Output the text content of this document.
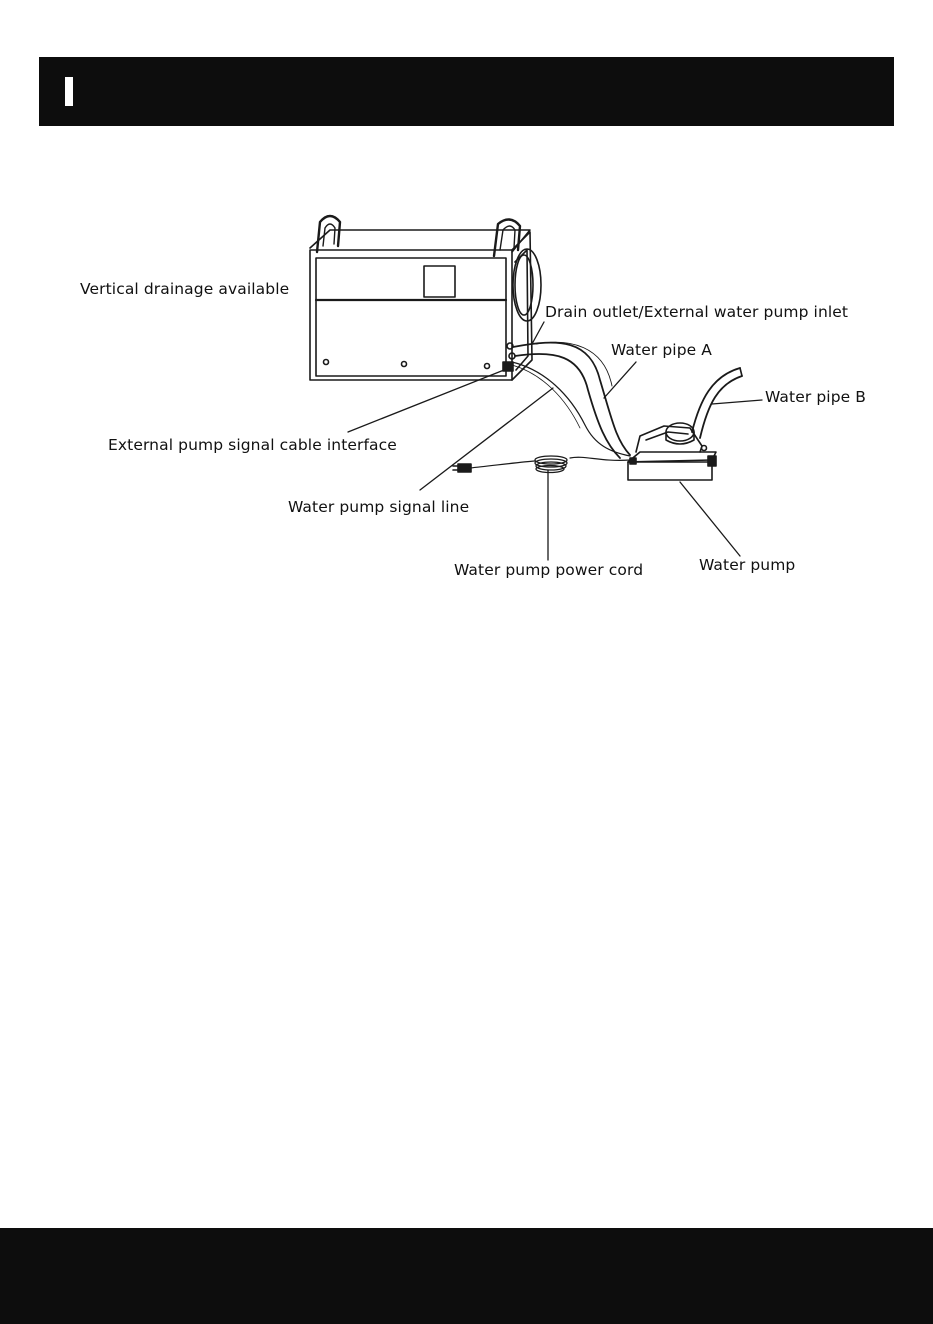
Vertical drainage available
Drain outlet/External water pump inlet
Water pipe A
Water pipe B
External pump signal cable interface
Water pump signal line
Water pump
Water pump power cord
